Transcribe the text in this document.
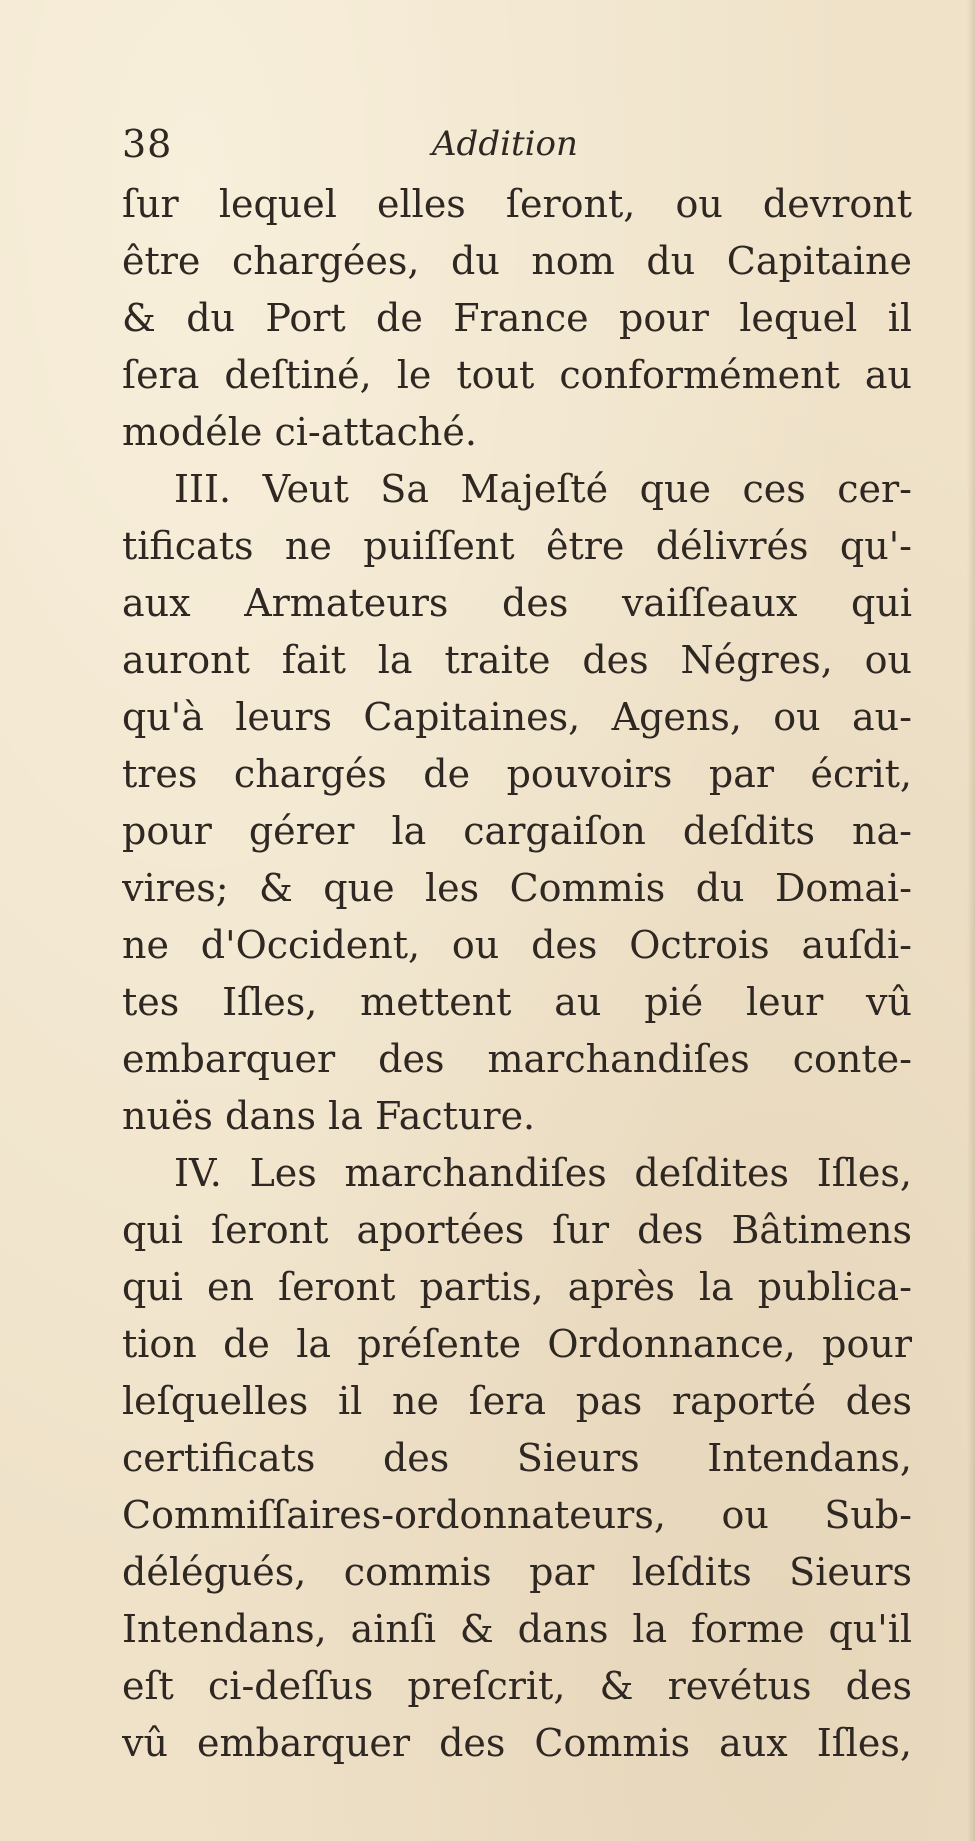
38	Addition
ſur lequel elles ſeront, ou devront
être chargées, du nom du Capitaine
& du Port de France pour lequel il
ſera deſtiné, le tout conformément au
modéle ci-attaché.
III. Veut Sa Majeſté que ces cer-
tificats ne puiſſent être délivrés qu'-
aux Armateurs des vaiſſeaux qui
auront fait la traite des Négres, ou
qu'à leurs Capitaines, Agens, ou au-
tres chargés de pouvoirs par écrit,
pour gérer la cargaiſon deſdits na-
vires; & que les Commis du Domai-
ne d'Occident, ou des Octrois auſdi-
tes Iſles, mettent au pié leur vû
embarquer des marchandiſes conte-
nuës dans la Facture.
IV. Les marchandiſes deſdites Iſles,
qui ſeront aportées ſur des Bâtimens
qui en ſeront partis, après la publica-
tion de la préſente Ordonnance, pour
leſquelles il ne ſera pas raporté des
certificats des Sieurs Intendans,
Commiſſaires-ordonnateurs, ou Sub-
délégués, commis par leſdits Sieurs
Intendans, ainſi & dans la forme qu'il
eſt ci-deſſus preſcrit, & revétus des
vû embarquer des Commis aux Iſles,
